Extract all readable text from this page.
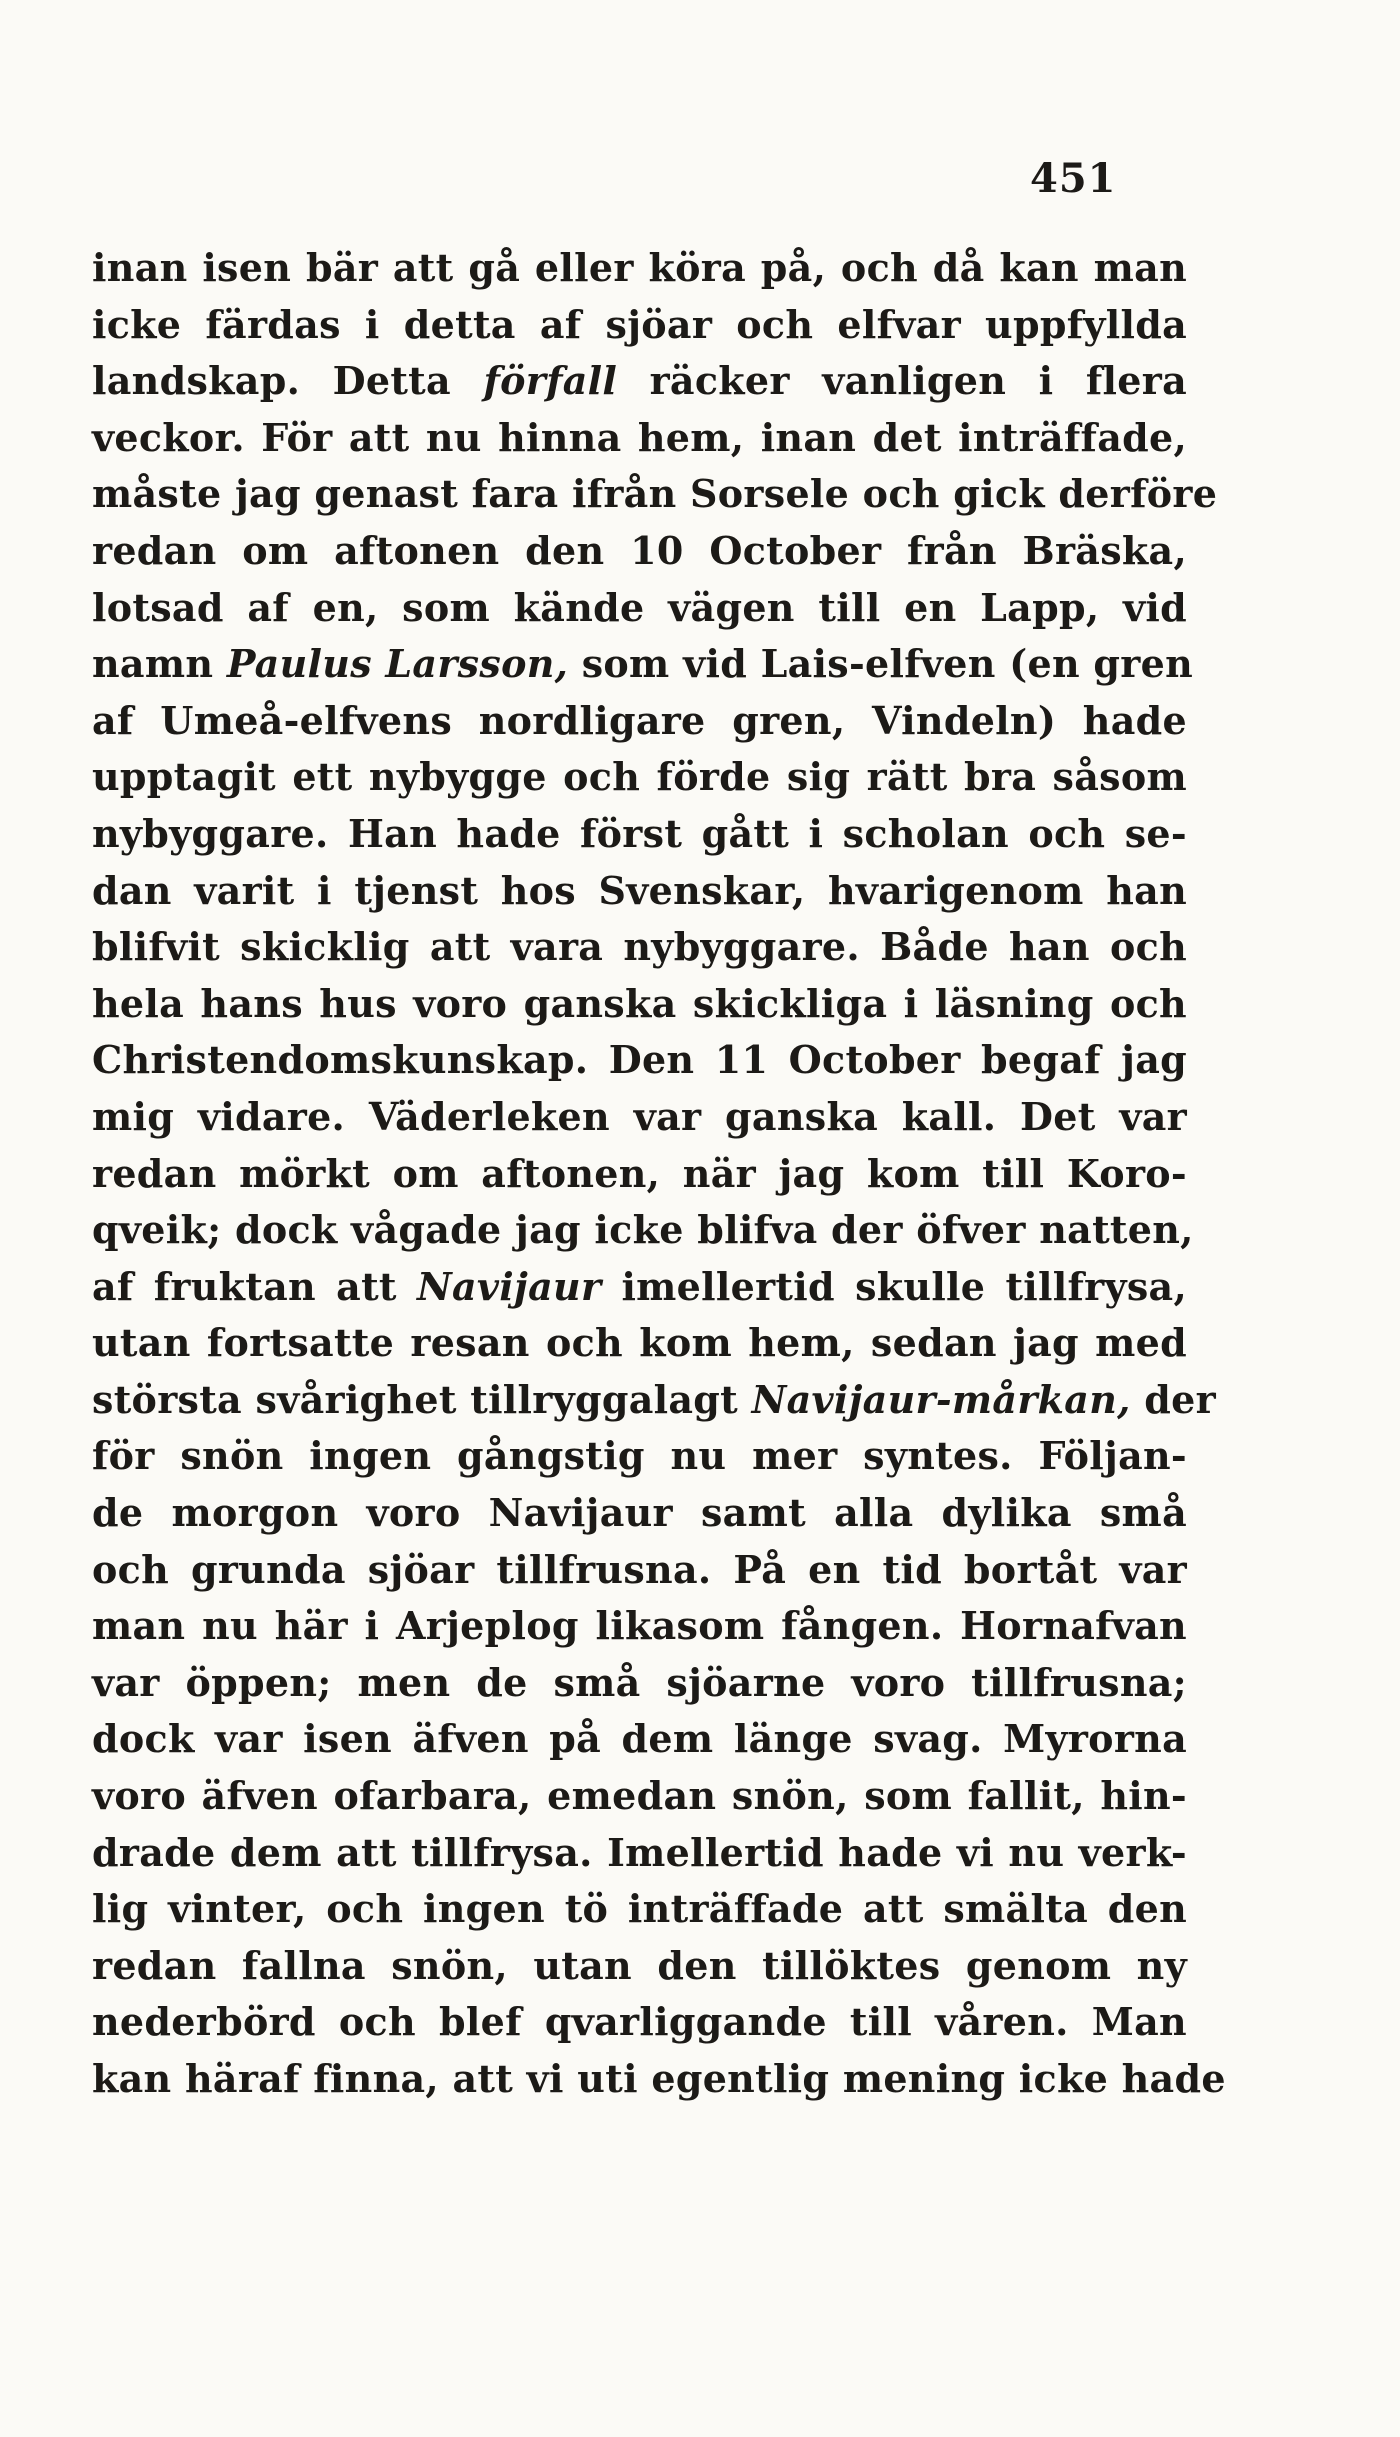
451
inan isen bär att gå eller köra på, och då kan man
icke färdas i detta af sjöar och elfvar uppfyllda
landskap. Detta förfall räcker vanligen i flera
veckor. För att nu hinna hem, inan det inträffade,
måste jag genast fara ifrån Sorsele och gick derföre
redan om aftonen den 10 October från Bräska,
lotsad af en, som kände vägen till en Lapp, vid
namn Paulus Larsson, som vid Lais-elfven (en gren
af Umeå-elfvens nordligare gren, Vindeln) hade
upptagit ett nybygge och förde sig rätt bra såsom
nybyggare. Han hade först gått i scholan och se-
dan varit i tjenst hos Svenskar, hvarigenom han
blifvit skicklig att vara nybyggare. Både han och
hela hans hus voro ganska skickliga i läsning och
Christendomskunskap. Den 11 October begaf jag
mig vidare. Väderleken var ganska kall. Det var
redan mörkt om aftonen, när jag kom till Koro-
qveik; dock vågade jag icke blifva der öfver natten,
af fruktan att Navijaur imellertid skulle tillfrysa,
utan fortsatte resan och kom hem, sedan jag med
största svårighet tillryggalagt Navijaur-mårkan, der
för snön ingen gångstig nu mer syntes. Följan-
de morgon voro Navijaur samt alla dylika små
och grunda sjöar tillfrusna. På en tid bortåt var
man nu här i Arjeplog likasom fången. Hornafvan
var öppen; men de små sjöarne voro tillfrusna;
dock var isen äfven på dem länge svag. Myrorna
voro äfven ofarbara, emedan snön, som fallit, hin-
drade dem att tillfrysa. Imellertid hade vi nu verk-
lig vinter, och ingen tö inträffade att smälta den
redan fallna snön, utan den tillöktes genom ny
nederbörd och blef qvarliggande till våren. Man
kan häraf finna, att vi uti egentlig mening icke hade
